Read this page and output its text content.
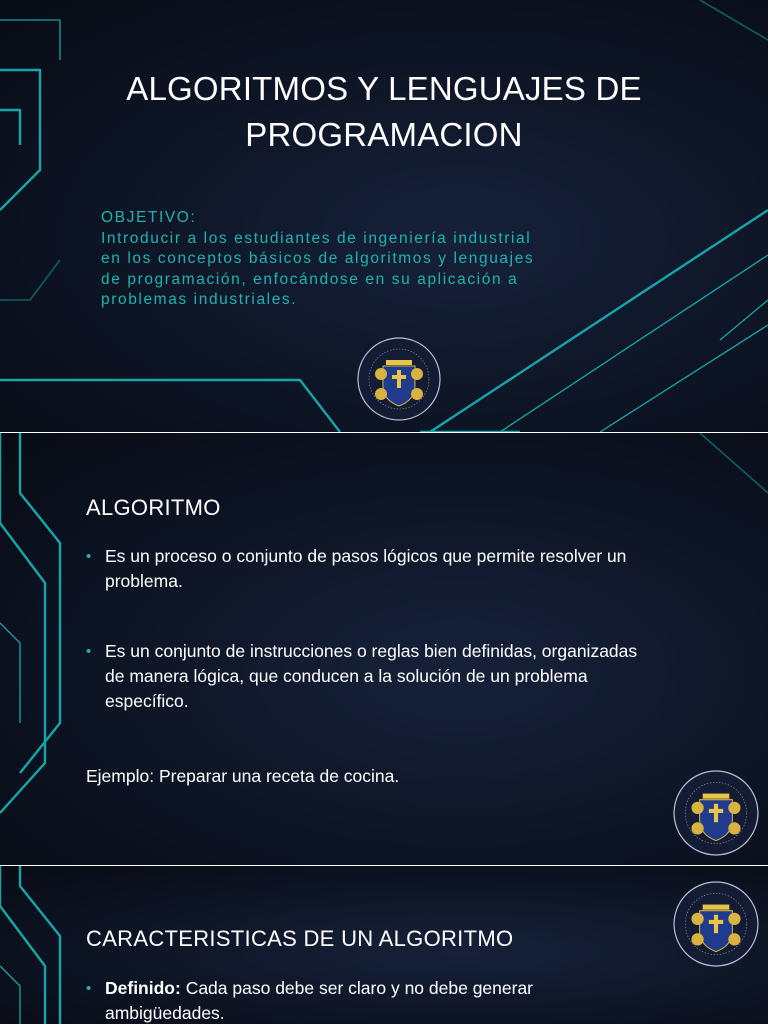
ALGORITMOS Y LENGUAJES DE
PROGRAMACION
OBJETIVO:
Introducir a los estudiantes de ingeniería industrial
en los conceptos básicos de algoritmos y lenguajes
de programación, enfocándose en su aplicación a
problemas industriales.
ALGORITMO
• Es un proceso o conjunto de pasos lógicos que permite resolver un
problema.
• Es un conjunto de instrucciones o reglas bien definidas, organizadas
de manera lógica, que conducen a la solución de un problema
específico.
Ejemplo: Preparar una receta de cocina.
CARACTERISTICAS DE UN ALGORITMO
• Definido: Cada paso debe ser claro y no debe generar
ambigüedades.
